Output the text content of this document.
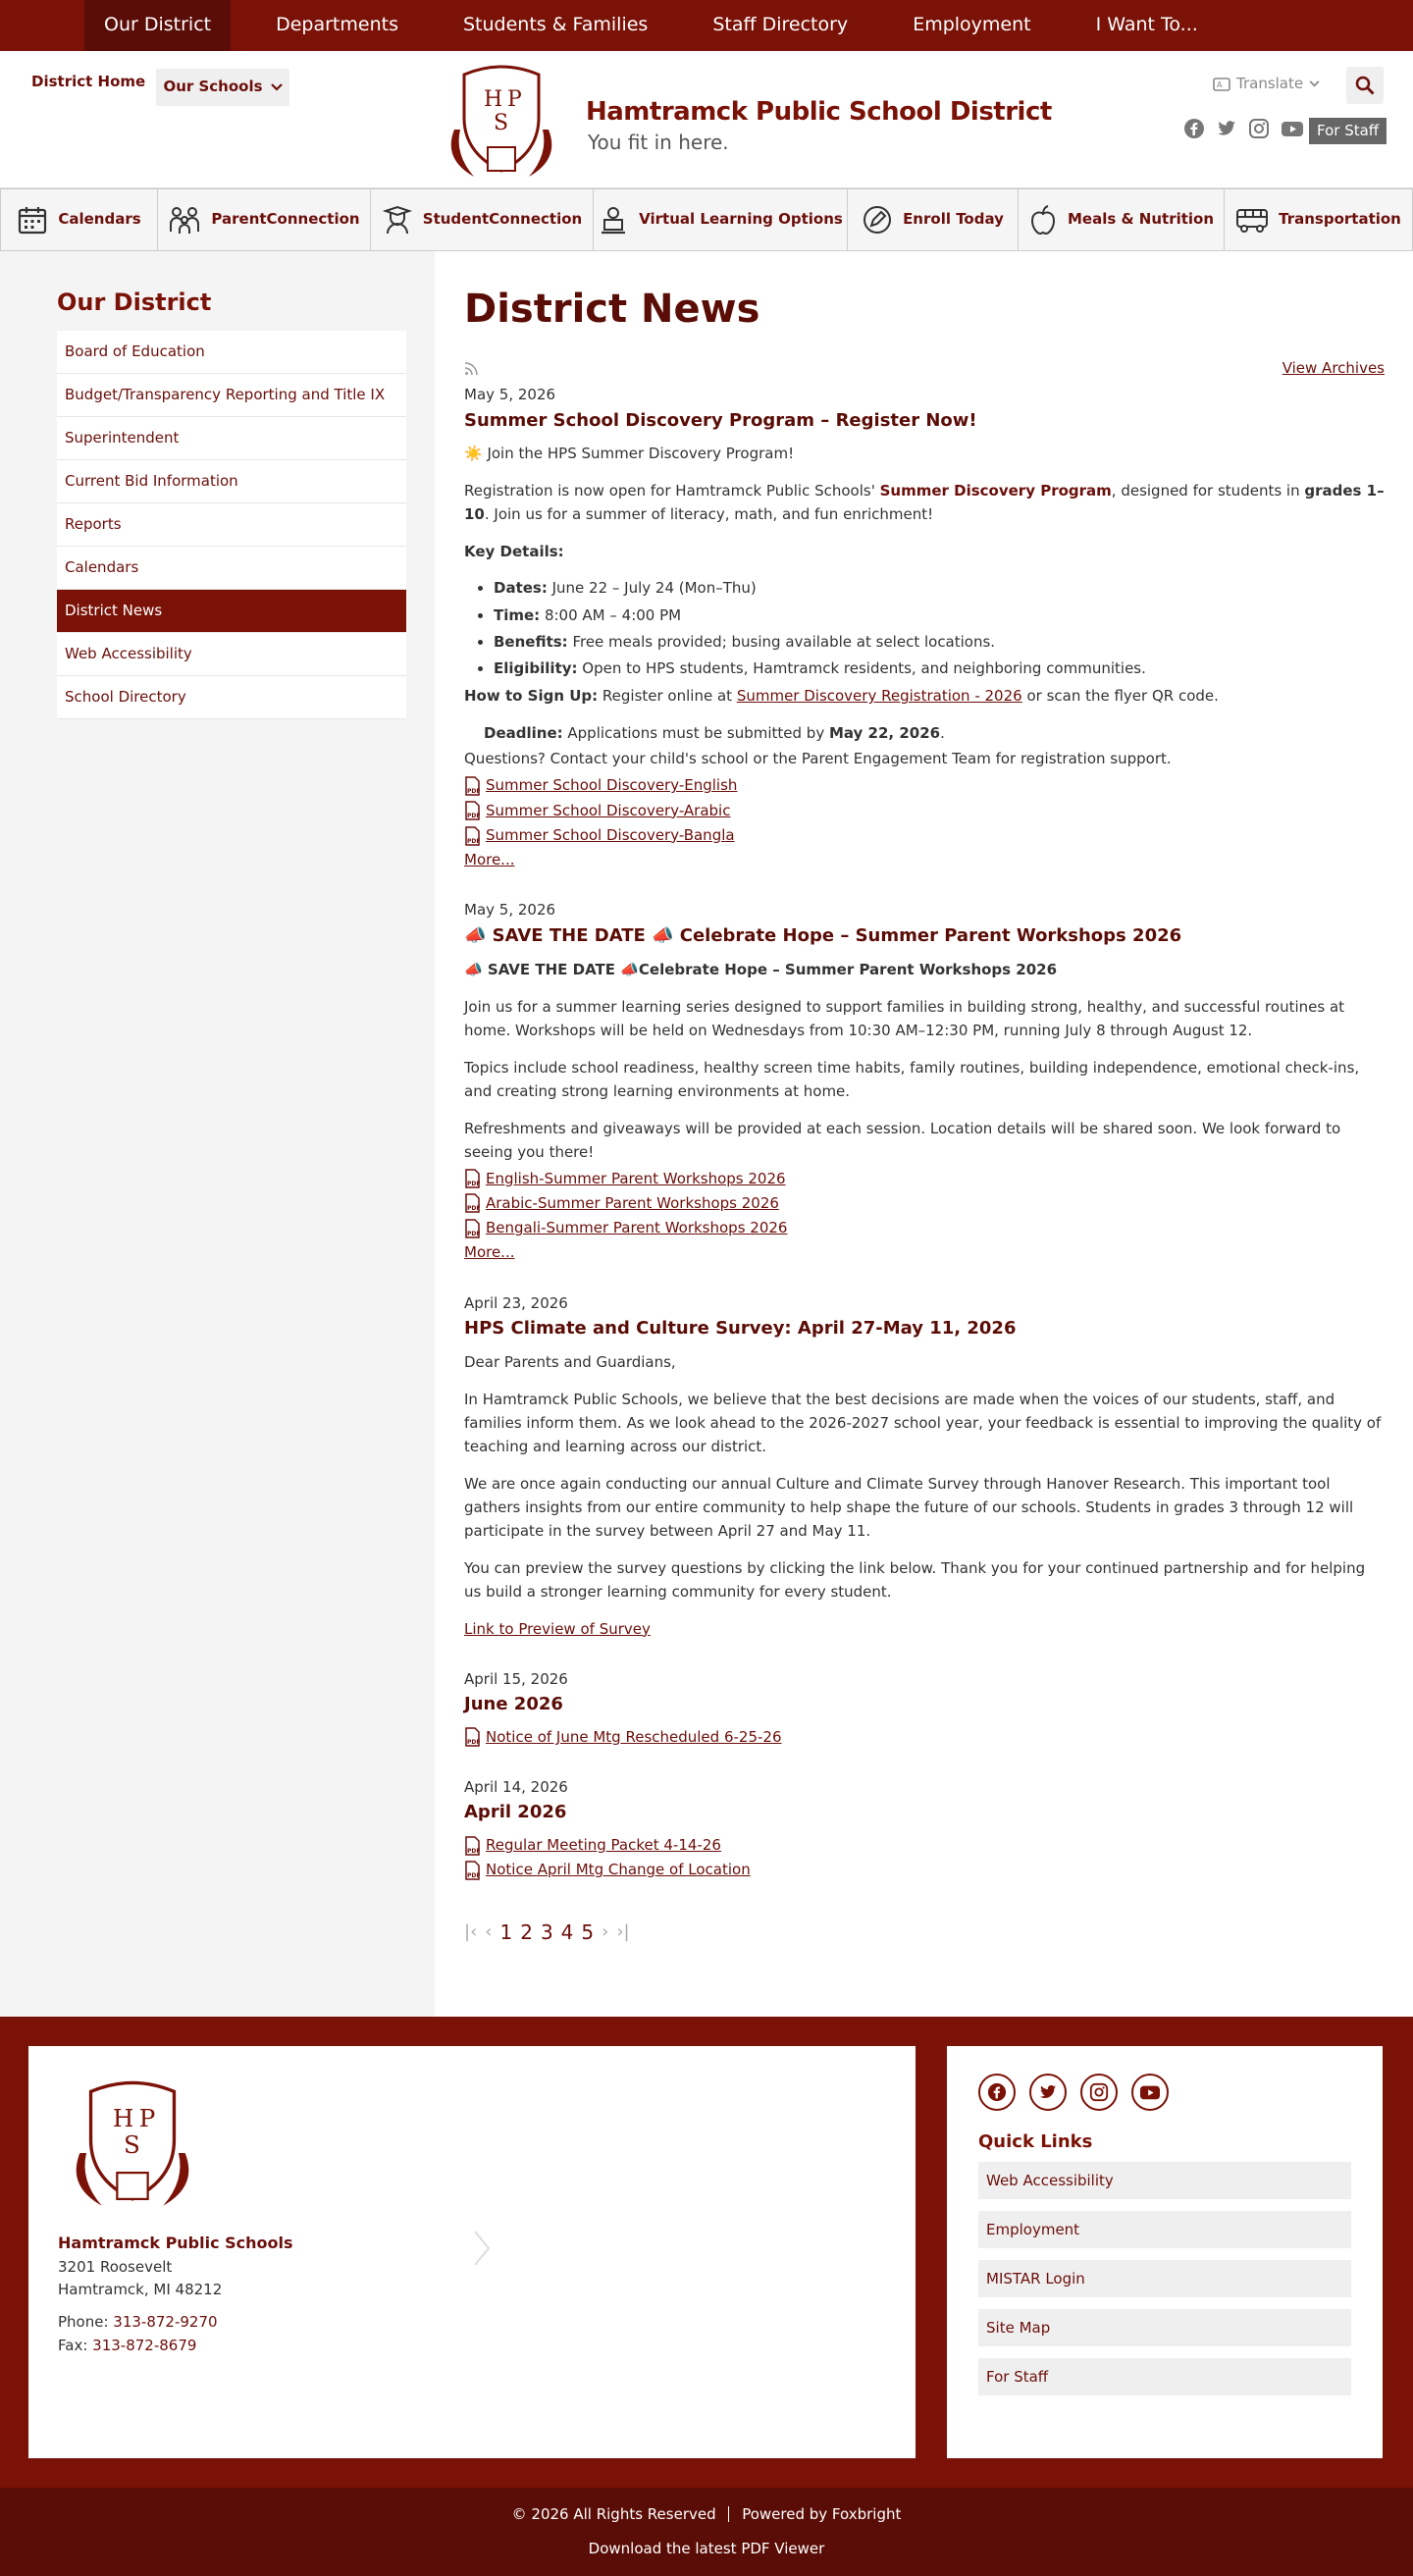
Our District	Departments	Students & Families	Staff Directory	Employment	I Want To...
District Home Our Schools
H P
S	Hamtramck Public School District
You fit in here.
A Translate
For Staff
Calendars	ParentConnection	StudentConnection	Virtual Learning Options	Enroll Today	Meals & Nutrition	Transportation
Our District
Board of Education
Budget/Transparency Reporting and Title IX
Superintendent
Current Bid Information
Reports
Calendars
District News
Web Accessibility
School Directory
District News
View Archives
May 5, 2026
Summer School Discovery Program – Register Now!

☀️ Join the HPS Summer Discovery Program!

Registration is now open for Hamtramck Public Schools' Summer Discovery Program, designed for students in grades 1–10. Join us for a summer of literacy, math, and fun enrichment!

Key Details:

• Dates: June 22 – July 24 (Mon–Thu)
• Time: 8:00 AM – 4:00 PM
• Benefits: Free meals provided; busing available at select locations.
• Eligibility: Open to HPS students, Hamtramck residents, and neighboring communities.

How to Sign Up: Register online at Summer Discovery Registration - 2026 or scan the flyer QR code.

Deadline: Applications must be submitted by May 22, 2026.

Questions? Contact your child's school or the Parent Engagement Team for registration support.

PDF Summer School Discovery-English
PDF Summer School Discovery-Arabic
PDF Summer School Discovery-Bangla
More...
May 5, 2026
📣 SAVE THE DATE 📣 Celebrate Hope – Summer Parent Workshops 2026

📣 SAVE THE DATE 📣Celebrate Hope – Summer Parent Workshops 2026

Join us for a summer learning series designed to support families in building strong, healthy, and successful routines at home. Workshops will be held on Wednesdays from 10:30 AM–12:30 PM, running July 8 through August 12.

Topics include school readiness, healthy screen time habits, family routines, building independence, emotional check-ins, and creating strong learning environments at home.

Refreshments and giveaways will be provided at each session. Location details will be shared soon. We look forward to seeing you there!

PDF English-Summer Parent Workshops 2026
PDF Arabic-Summer Parent Workshops 2026
PDF Bengali-Summer Parent Workshops 2026
More...
April 23, 2026
HPS Climate and Culture Survey: April 27-May 11, 2026

Dear Parents and Guardians,

In Hamtramck Public Schools, we believe that the best decisions are made when the voices of our students, staff, and families inform them. As we look ahead to the 2026-2027 school year, your feedback is essential to improving the quality of teaching and learning across our district.

We are once again conducting our annual Culture and Climate Survey through Hanover Research. This important tool gathers insights from our entire community to help shape the future of our schools. Students in grades 3 through 12 will participate in the survey between April 27 and May 11.

You can preview the survey questions by clicking the link below. Thank you for your continued partnership and for helping us build a stronger learning community for every student.

Link to Preview of Survey

April 15, 2026
June 2026
PDF Notice of June Mtg Rescheduled 6-25-26
April 14, 2026
April 2026
PDF Regular Meeting Packet 4-14-26
PDF Notice April Mtg Change of Location
|‹ ‹ 1 2 3 4 5 › ›|
H P
S
Hamtramck Public Schools
3201 Roosevelt
Hamtramck, MI 48212
Phone: 313-872-9270
Fax: 313-872-8679
Quick Links
Web Accessibility
Employment
MISTAR Login
Site Map
For Staff
© 2026 All Rights Reserved Powered by Foxbright
Download the latest PDF Viewer
